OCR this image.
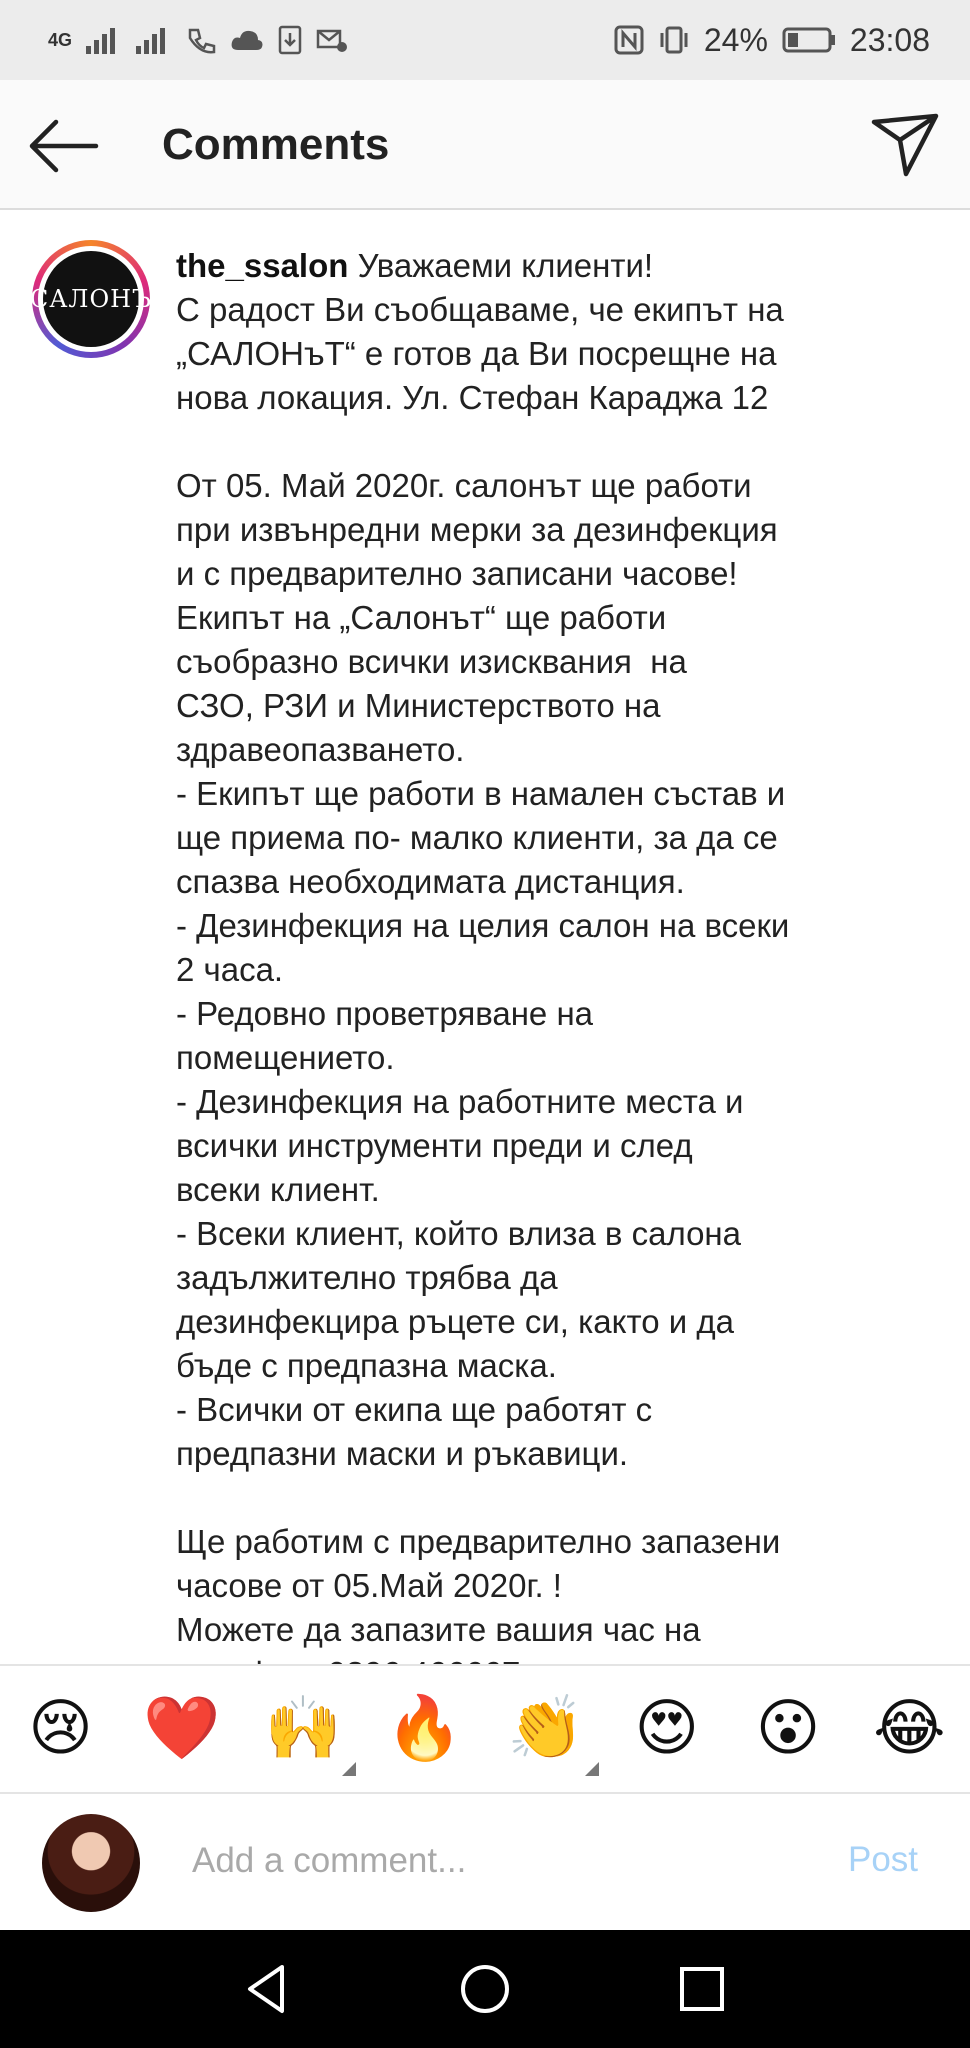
4G	24%	23:08
Comments
САЛОНЪ
the_ssalon Уважаеми клиенти!
С радост Ви съобщаваме, че екипът на
„САЛОНъТ“ е готов да Ви посрещне на
нова локация. Ул. Стефан Караджа 12

От 05. Май 2020г. салонът ще работи
при извънредни мерки за дезинфекция
и с предварително записани часове!
Екипът на „Салонът“ ще работи
съобразно всички изисквания  на
СЗО, РЗИ и Министерството на
здравеопазването.
- Екипът ще работи в намален състав и
ще приема по- малко клиенти, за да се
спазва необходимата дистанция.
- Дезинфекция на целия салон на всеки
2 часа.
- Редовно проветряване на
помещението.
- Дезинфекция на работните места и
всички инструменти преди и след
всеки клиент.
- Всеки клиент, който влиза в салона
задължително трябва да
дезинфекцира ръцете си, както и да
бъде с предпазна маска.
- Всички от екипа ще работят с
предпазни маски и ръкавици.

Ще работим с предварително запазени
часове от 05.Май 2020г. !
Можете да запазите вашия час на

😢 ❤️ 🙌 🔥 👏 😍 😮 😂
Add a comment...
Post
